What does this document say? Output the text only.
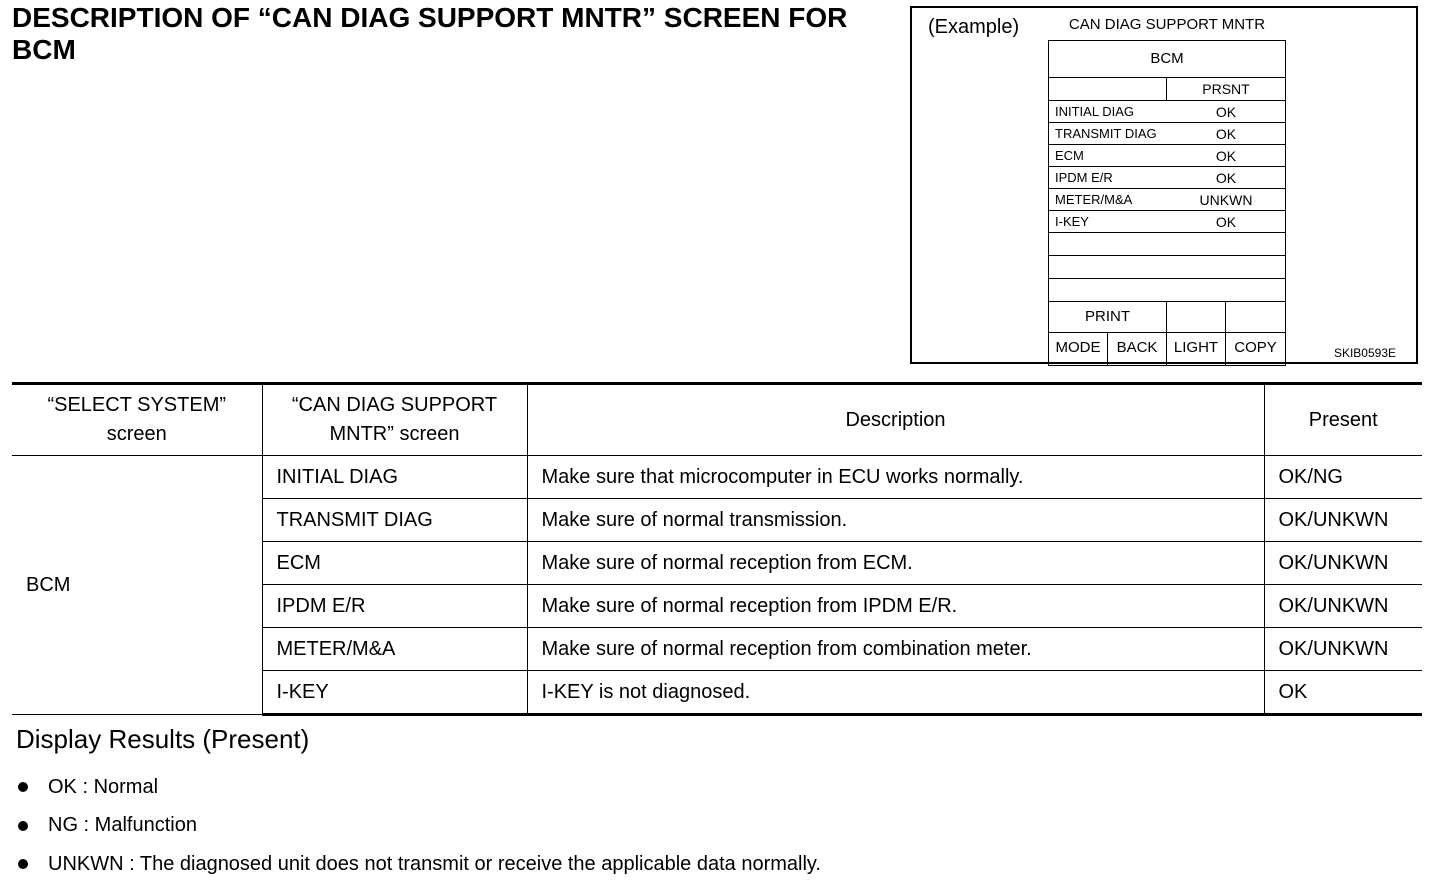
DESCRIPTION OF “CAN DIAG SUPPORT MNTR” SCREEN FOR BCM
(Example)	CAN DIAG SUPPORT MNTR
BCM
PRSNT
INITIAL DIAG	OK
TRANSMIT DIAG	OK
ECM	OK
IPDM E/R	OK
METER/M&A	UNKWN
I-KEY	OK
PRINT
MODE	BACK	LIGHT	COPY	SKIB0593E
“SELECT SYSTEM” screen	“CAN DIAG SUPPORT MNTR” screen	Description	Present
BCM	INITIAL DIAG	Make sure that microcomputer in ECU works normally.	OK/NG
	TRANSMIT DIAG	Make sure of normal transmission.	OK/UNKWN
	ECM	Make sure of normal reception from ECM.	OK/UNKWN
	IPDM E/R	Make sure of normal reception from IPDM E/R.	OK/UNKWN
	METER/M&A	Make sure of normal reception from combination meter.	OK/UNKWN
	I-KEY	I-KEY is not diagnosed.	OK
Display Results (Present)
OK : Normal
NG : Malfunction
UNKWN : The diagnosed unit does not transmit or receive the applicable data normally.
